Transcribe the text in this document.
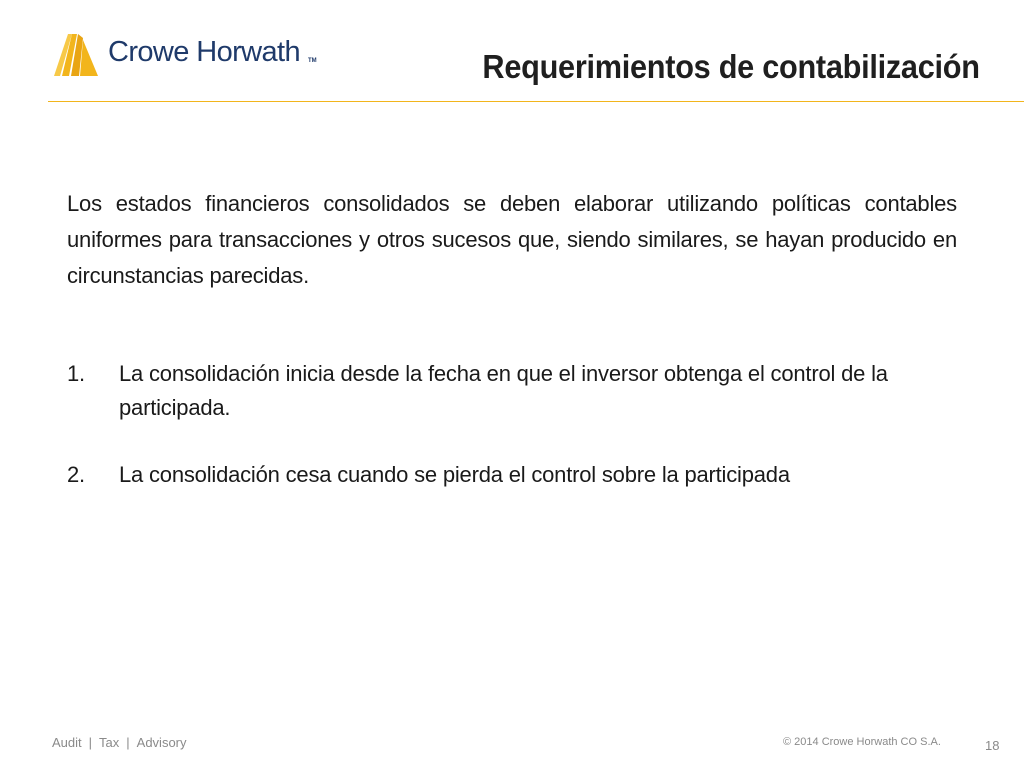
Crowe Horwath TM	Requerimientos de contabilización

Los estados financieros consolidados se deben elaborar utilizando políticas contables uniformes para transacciones y otros sucesos que, siendo similares, se hayan producido en circunstancias parecidas.

1.	La consolidación inicia desde la fecha en que el inversor obtenga el control de la participada.
2.	La consolidación cesa cuando se pierda el control sobre la participada
Audit | Tax | Advisory	© 2014 Crowe Horwath CO S.A.	18
